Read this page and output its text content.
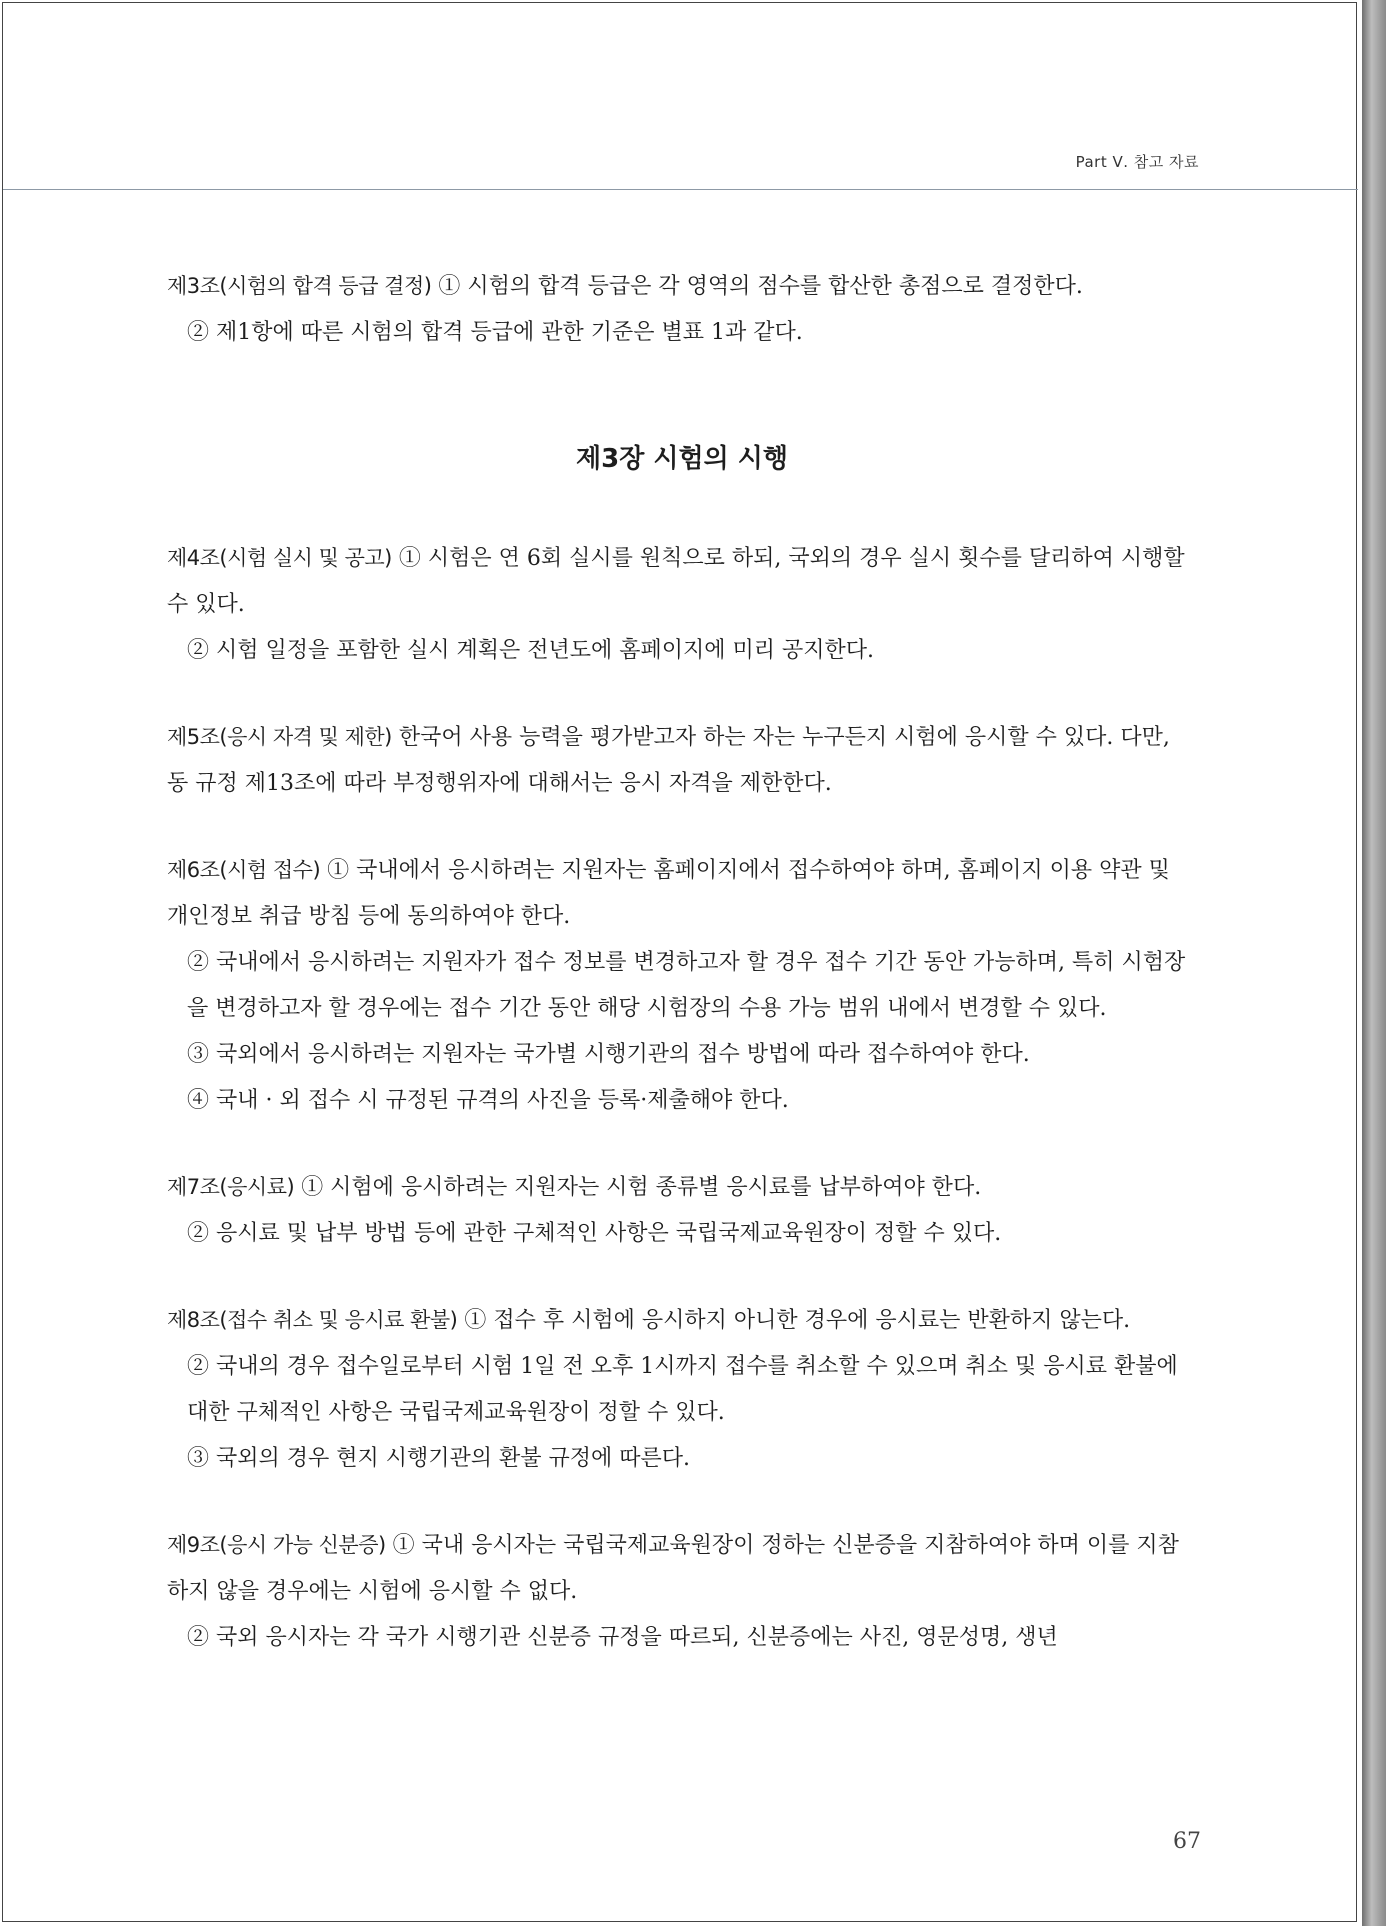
Part Ⅴ. 참고 자료

제3조(시험의 합격 등급 결정) ① 시험의 합격 등급은 각 영역의 점수를 합산한 총점으로 결정한다.

② 제1항에 따른 시험의 합격 등급에 관한 기준은 별표 1과 같다.

제3장 시험의 시행

제4조(시험 실시 및 공고) ① 시험은 연 6회 실시를 원칙으로 하되, 국외의 경우 실시 횟수를 달리하여 시행할 수 있다.

② 시험 일정을 포함한 실시 계획은 전년도에 홈페이지에 미리 공지한다.

제5조(응시 자격 및 제한) 한국어 사용 능력을 평가받고자 하는 자는 누구든지 시험에 응시할 수 있다. 다만, 동 규정 제13조에 따라 부정행위자에 대해서는 응시 자격을 제한한다.

제6조(시험 접수) ① 국내에서 응시하려는 지원자는 홈페이지에서 접수하여야 하며, 홈페이지 이용 약관 및 개인정보 취급 방침 등에 동의하여야 한다.

② 국내에서 응시하려는 지원자가 접수 정보를 변경하고자 할 경우 접수 기간 동안 가능하며, 특히 시험장을 변경하고자 할 경우에는 접수 기간 동안 해당 시험장의 수용 가능 범위 내에서 변경할 수 있다.

③ 국외에서 응시하려는 지원자는 국가별 시행기관의 접수 방법에 따라 접수하여야 한다.

④ 국내 · 외 접수 시 규정된 규격의 사진을 등록·제출해야 한다.

제7조(응시료) ① 시험에 응시하려는 지원자는 시험 종류별 응시료를 납부하여야 한다.

② 응시료 및 납부 방법 등에 관한 구체적인 사항은 국립국제교육원장이 정할 수 있다.

제8조(접수 취소 및 응시료 환불) ① 접수 후 시험에 응시하지 아니한 경우에 응시료는 반환하지 않는다.

② 국내의 경우 접수일로부터 시험 1일 전 오후 1시까지 접수를 취소할 수 있으며 취소 및 응시료 환불에 대한 구체적인 사항은 국립국제교육원장이 정할 수 있다.

③ 국외의 경우 현지 시행기관의 환불 규정에 따른다.

제9조(응시 가능 신분증) ① 국내 응시자는 국립국제교육원장이 정하는 신분증을 지참하여야 하며 이를 지참하지 않을 경우에는 시험에 응시할 수 없다.

② 국외 응시자는 각 국가 시행기관 신분증 규정을 따르되, 신분증에는 사진, 영문성명, 생년

67
